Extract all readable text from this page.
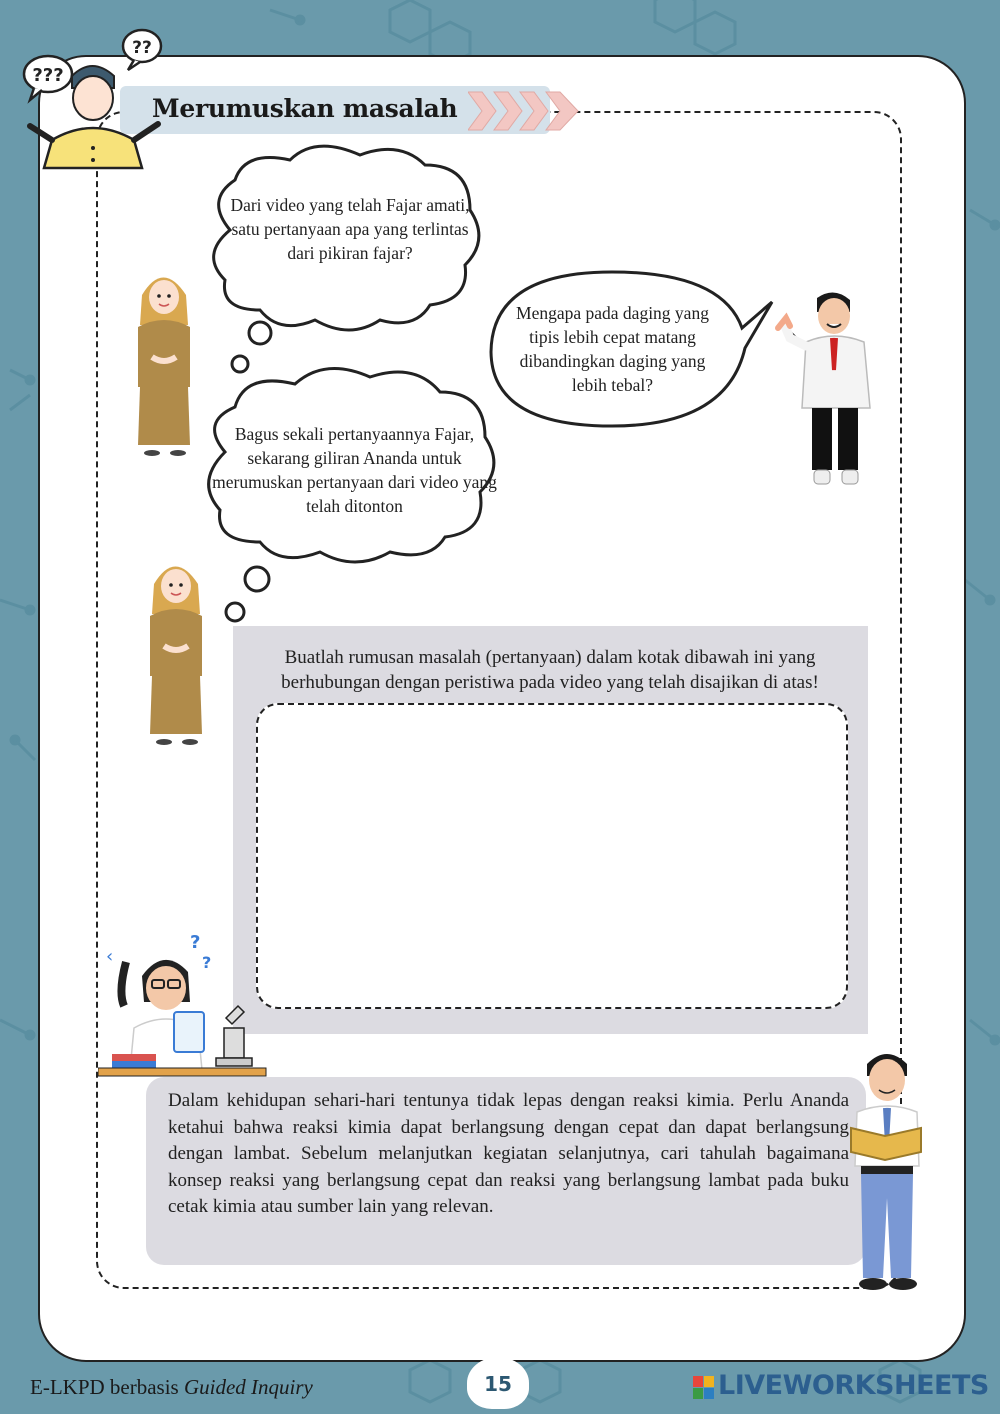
Merumuskan masalah
???
??
Dari video yang telah Fajar amati, satu pertanyaan apa yang terlintas dari pikiran fajar?
Mengapa pada daging yang tipis lebih cepat matang dibandingkan daging yang lebih tebal?
Bagus sekali pertanyaannya Fajar, sekarang giliran Ananda untuk merumuskan pertanyaan dari video yang telah ditonton
Buatlah rumusan masalah (pertanyaan) dalam kotak dibawah ini yang berhubungan dengan peristiwa pada video yang telah disajikan di atas!
‹
?
?
Dalam kehidupan sehari-hari tentunya tidak lepas dengan reaksi kimia. Perlu Ananda ketahui bahwa reaksi kimia dapat berlangsung dengan cepat dan dapat berlangsung dengan lambat. Sebelum melanjutkan kegiatan selanjutnya, cari tahulah bagaimana konsep reaksi yang berlangsung cepat dan reaksi yang berlangsung lambat pada buku cetak kimia atau sumber lain yang relevan.
E-LKPD berbasis Guided Inquiry	15	LIVEWORKSHEETS
